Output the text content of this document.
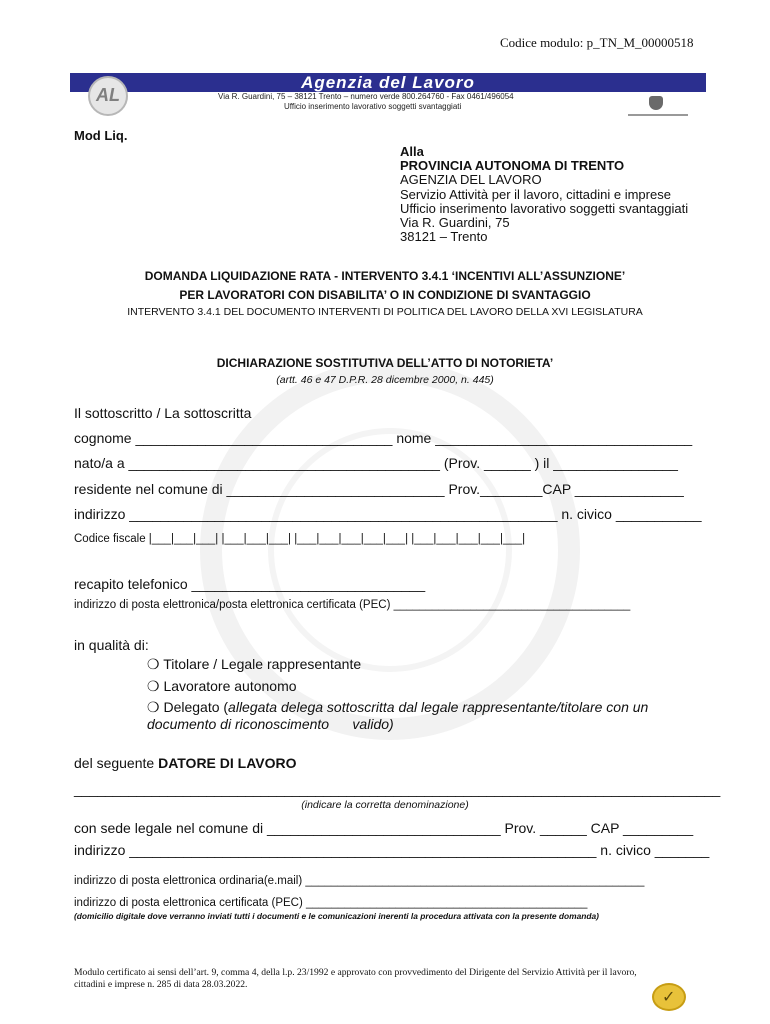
Codice modulo: p_TN_M_00000518
Agenzia del Lavoro
AL	Via R. Guardini, 75 – 38121 Trento – numero verde 800.264760 - Fax 0461/496054
Ufficio inserimento lavorativo soggetti svantaggiati
Mod Liq.
Alla
PROVINCIA AUTONOMA DI TRENTO
AGENZIA DEL LAVORO
Servizio Attività per il lavoro, cittadini e imprese
Ufficio inserimento lavorativo soggetti svantaggiati
Via R. Guardini, 75
38121 – Trento
DOMANDA LIQUIDAZIONE RATA - INTERVENTO 3.4.1 ‘INCENTIVI ALL’ASSUNZIONE’
PER LAVORATORI CON DISABILITA’ O IN CONDIZIONE DI SVANTAGGIO
INTERVENTO 3.4.1 DEL DOCUMENTO INTERVENTI DI POLITICA DEL LAVORO DELLA XVI LEGISLATURA
DICHIARAZIONE SOSTITUTIVA DELL’ATTO DI NOTORIETA’
(artt. 46 e 47 D.P.R. 28 dicembre 2000, n. 445)
Il sottoscritto / La sottoscritta
cognome _________________________________ nome _________________________________
nato/a a ________________________________________ (Prov. ______ ) il ________________
residente nel comune di ____________________________ Prov.________CAP ______________
indirizzo _______________________________________________________ n. civico ___________
Codice fiscale |___|___|___| |___|___|___| |___|___|___|___|___| |___|___|___|___|___|
recapito telefonico ______________________________
indirizzo di posta elettronica/posta elettronica certificata (PEC) _____________________________________
in qualità di:
❍ Titolare / Legale rappresentante
❍ Lavoratore autonomo
❍ Delegato (allegata delega sottoscritta dal legale rappresentante/titolare con un
documento di riconoscimento      valido)
del seguente DATORE DI LAVORO
___________________________________________________________________________________
(indicare la corretta denominazione)
con sede legale nel comune di ______________________________ Prov. ______ CAP _________
indirizzo ____________________________________________________________ n. civico _______
indirizzo di posta elettronica ordinaria(e.mail) _____________________________________________________
indirizzo di posta elettronica certificata (PEC) ____________________________________________
(domicilio digitale dove verranno inviati tutti i documenti e le comunicazioni inerenti la procedura attivata con la presente domanda)
Modulo certificato ai sensi dell’art. 9, comma 4, della l.p. 23/1992 e approvato con provvedimento del Dirigente del Servizio Attività per il lavoro,
cittadini e imprese n. 285 di data 28.03.2022.
✓
